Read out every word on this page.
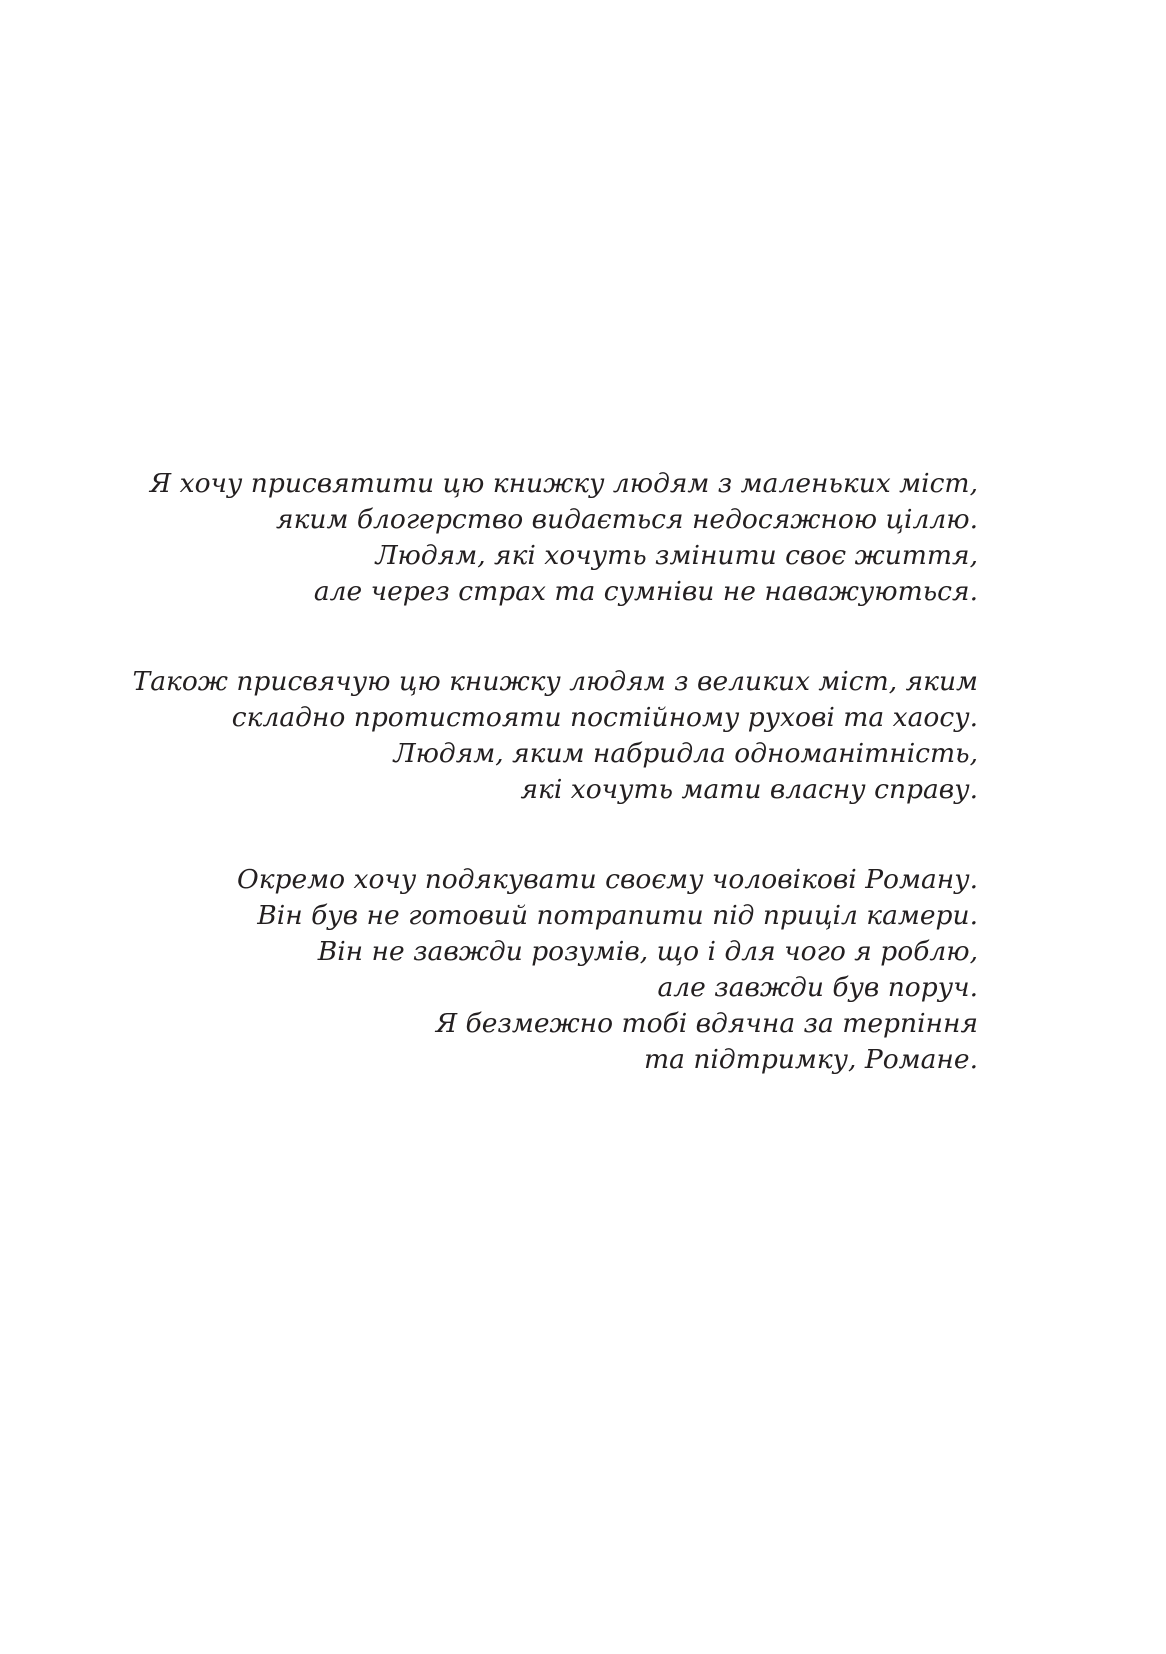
Я хочу присвятити цю книжку людям з маленьких міст,
яким блогерство видається недосяжною ціллю.
Людям, які хочуть змінити своє життя,
але через страх та сумніви не наважуються.

Також присвячую цю книжку людям з великих міст, яким
складно протистояти постійному рухові та хаосу.
Людям, яким набридла одноманітність,
які хочуть мати власну справу.

Окремо хочу подякувати своєму чоловікові Роману.
Він був не готовий потрапити під приціл камери.
Він не завжди розумів, що і для чого я роблю,
але завжди був поруч.
Я безмежно тобі вдячна за терпіння
та підтримку, Романе.
